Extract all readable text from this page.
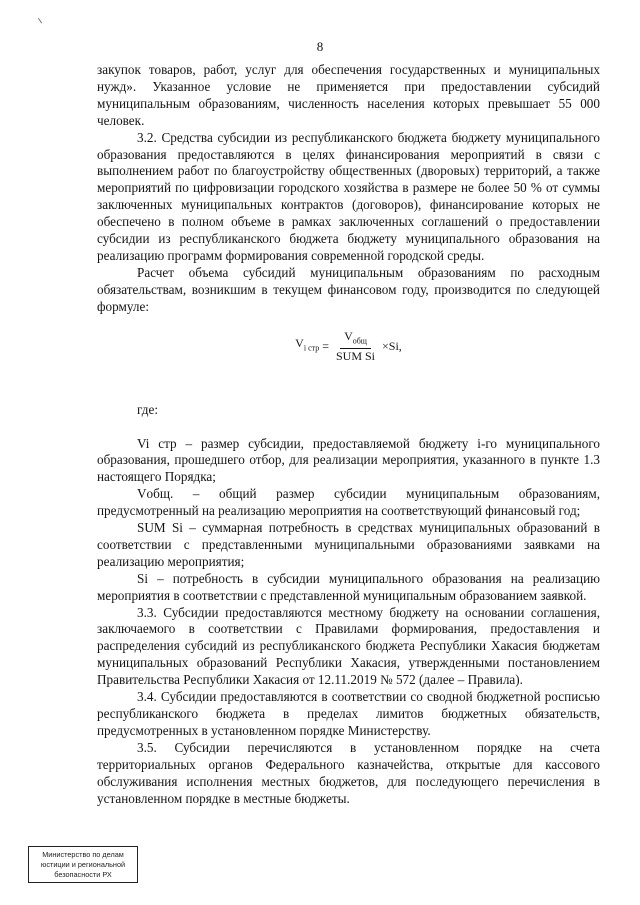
8

закупок товаров, работ, услуг для обеспечения государственных и муниципальных нужд». Указанное условие не применяется при предоставлении субсидий муниципальным образованиям, численность населения которых превышает 55 000 человек.

3.2. Средства субсидии из республиканского бюджета бюджету муниципального образования предоставляются в целях финансирования мероприятий в связи с выполнением работ по благоустройству общественных (дворовых) территорий, а также мероприятий по цифровизации городского хозяйства в размере не более 50 % от суммы заключенных муниципальных контрактов (договоров), финансирование которых не обеспечено в полном объеме в рамках заключенных соглашений о предоставлении субсидии из республиканского бюджета бюджету муниципального образования на реализацию программ формирования современной городской среды.

Расчет объема субсидий муниципальным образованиям по расходным обязательствам, возникшим в текущем финансовом году, производится по следующей формуле:

$V_{i стр} = \frac{V_{общ}}{\text{SUM Si}} \times Si$,

где:

Vi стр – размер субсидии, предоставляемой бюджету i-го муниципального образования, прошедшего отбор, для реализации мероприятия, указанного в пункте 1.3 настоящего Порядка;

Vобщ. – общий размер субсидии муниципальным образованиям, предусмотренный на реализацию мероприятия на соответствующий финансовый год;

SUM Si – суммарная потребность в средствах муниципальных образований в соответствии с представленными муниципальными образованиями заявками на реализацию мероприятия;

Si – потребность в субсидии муниципального образования на реализацию мероприятия в соответствии с представленной муниципальным образованием заявкой.

3.3. Субсидии предоставляются местному бюджету на основании соглашения, заключаемого в соответствии с Правилами формирования, предоставления и распределения субсидий из республиканского бюджета Республики Хакасия бюджетам муниципальных образований Республики Хакасия, утвержденными постановлением Правительства Республики Хакасия от 12.11.2019 № 572 (далее – Правила).

3.4. Субсидии предоставляются в соответствии со сводной бюджетной росписью республиканского бюджета в пределах лимитов бюджетных обязательств, предусмотренных в установленном порядке Министерству.

3.5. Субсидии перечисляются в установленном порядке на счета территориальных органов Федерального казначейства, открытые для кассового обслуживания исполнения местных бюджетов, для последующего перечисления в установленном порядке в местные бюджеты.

Министерство по делам
юстиции и региональной
безопасности РХ
